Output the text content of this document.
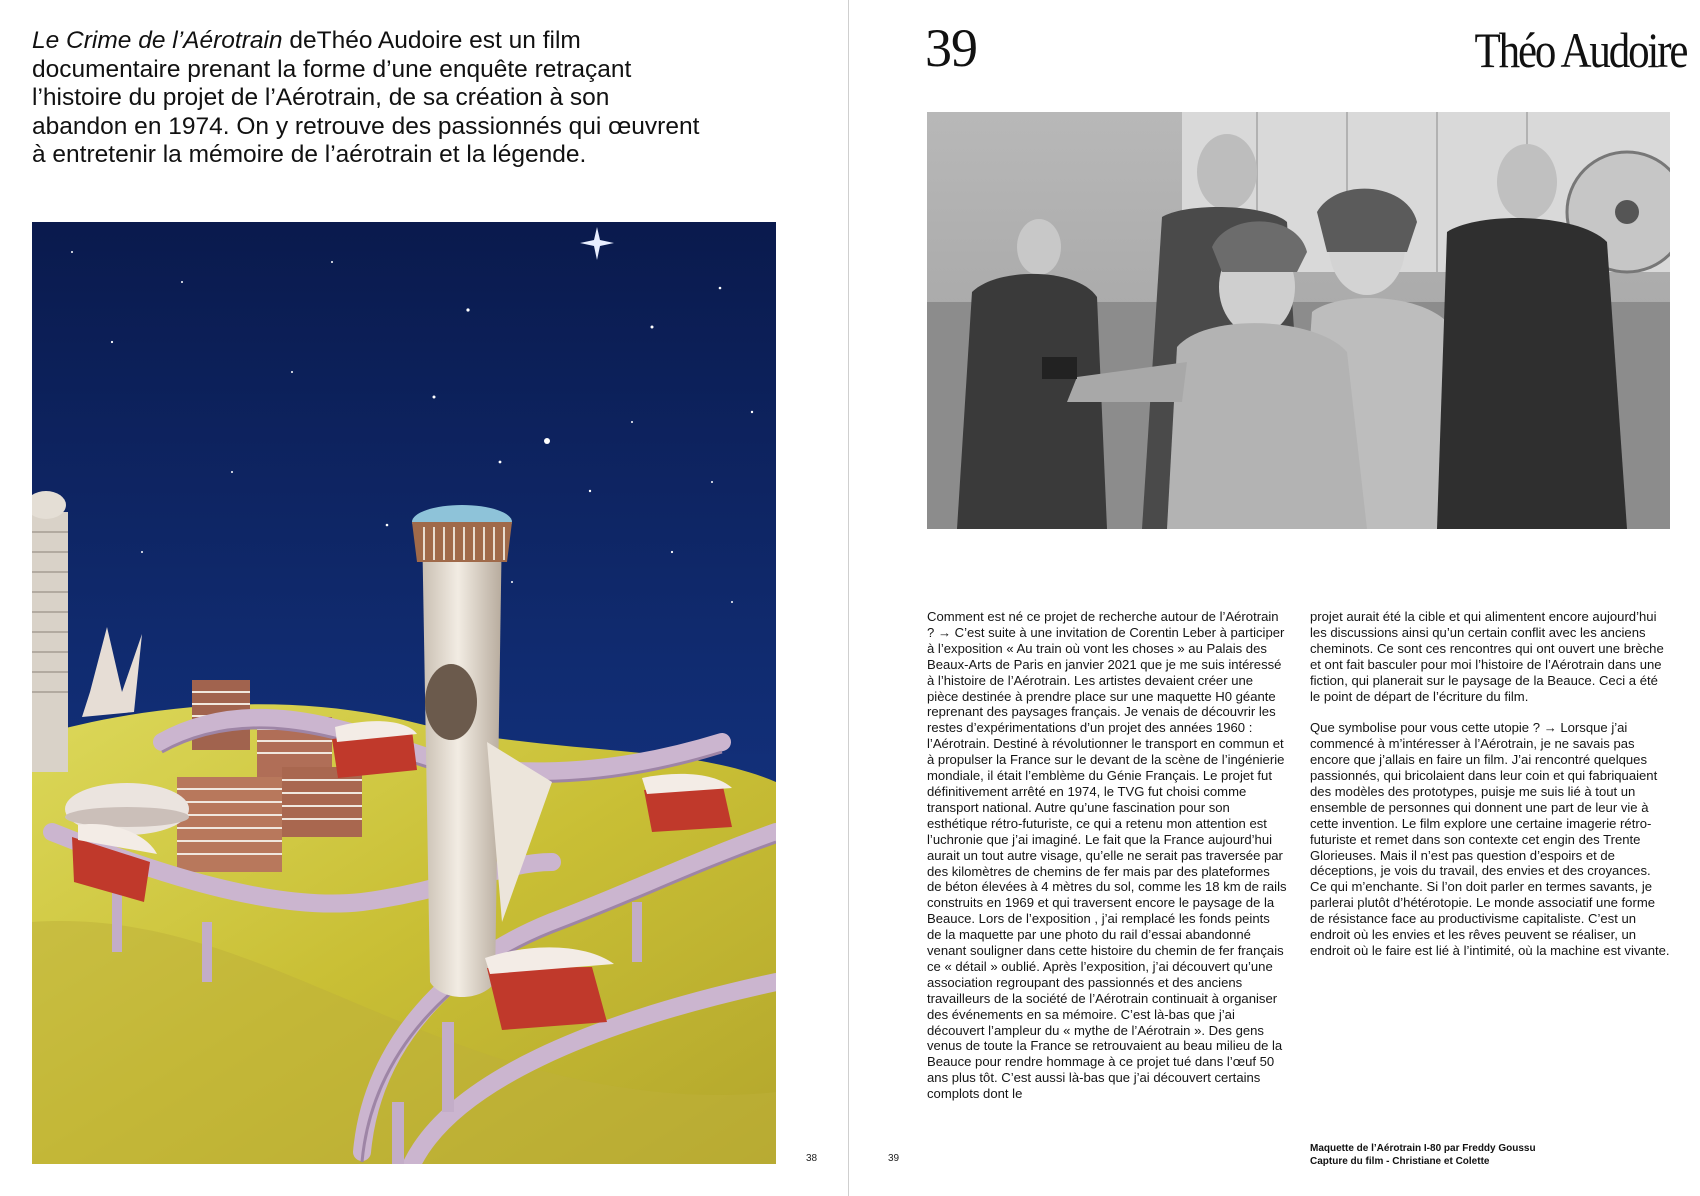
Le Crime de l’Aérotrain deThéo Audoire est un film
documentaire prenant la forme d’une enquête retraçant
l’histoire du projet de l’Aérotrain, de sa création à son
abandon en 1974. On y retrouve des passionnés qui œuvrent
à entretenir la mémoire de l’aérotrain et la légende.

38	39
39	Théo Audoire

Comment est né ce projet de recherche autour de l’Aérotrain ? → C’est suite à une invitation de Corentin Leber à participer à l’exposition « Au train où vont les choses » au Palais des Beaux-Arts de Paris en janvier 2021 que je me suis intéressé à l’histoire de l’Aérotrain. Les artistes devaient créer une pièce destinée à prendre place sur une maquette H0 géante reprenant des paysages français. Je venais de découvrir les restes d’expérimentations d’un projet des années 1960 : l’Aérotrain. Destiné à révolutionner le transport en commun et à propulser la France sur le devant de la scène de l’ingénierie mondiale, il était l’emblème du Génie Français. Le projet fut définitivement arrêté en 1974, le TVG fut choisi comme transport national. Autre qu’une fascination pour son esthétique rétro-futuriste, ce qui a retenu mon attention est l’uchronie que j’ai imaginé. Le fait que la France aujourd’hui aurait un tout autre visage, qu’elle ne serait pas traversée par des kilomètres de chemins de fer mais par des plateformes de béton élevées à 4 mètres du sol, comme les 18 km de rails construits en 1969 et qui traversent encore le paysage de la Beauce. Lors de l’exposition , j’ai remplacé les fonds peints de la maquette par une photo du rail d’essai abandonné venant souligner dans cette histoire du chemin de fer français ce « détail » oublié. Après l’exposition, j’ai découvert qu’une association regroupant des passionnés et des anciens travailleurs de la société de l’Aérotrain continuait à organiser des événements en sa mémoire. C’est là-bas que j’ai découvert l’ampleur du « mythe de l’Aérotrain ». Des gens venus de toute la France se retrouvaient au beau milieu de la Beauce pour rendre hommage à ce projet tué dans l’œuf 50 ans plus tôt. C’est aussi là-bas que j’ai découvert certains complots dont le

projet aurait été la cible et qui alimentent encore aujourd’hui les discussions ainsi qu’un certain conflit avec les anciens cheminots. Ce sont ces rencontres qui ont ouvert une brèche et ont fait basculer pour moi l’histoire de l’Aérotrain dans une fiction, qui planerait sur le paysage de la Beauce. Ceci a été le point de départ de l’écriture du film.

Que symbolise pour vous cette utopie ? → Lorsque j’ai commencé à m’intéresser à l’Aérotrain, je ne savais pas encore que j’allais en faire un film. J’ai rencontré quelques passionnés, qui bricolaient dans leur coin et qui fabriquaient des modèles des prototypes, puisje me suis lié à tout un ensemble de personnes qui donnent une part de leur vie à cette invention. Le film explore une certaine imagerie rétro-futuriste et remet dans son contexte cet engin des Trente Glorieuses. Mais il n’est pas question d’espoirs et de déceptions, je vois du travail, des envies et des croyances. Ce qui m’enchante. Si l’on doit parler en termes savants, je parlerai plutôt d’hétérotopie. Le monde associatif une forme de résistance face au productivisme capitaliste. C’est un endroit où les envies et les rêves peuvent se réaliser, un endroit où le faire est lié à l’intimité, où la machine est vivante.

Maquette de l’Aérotrain I-80 par Freddy Goussu
Capture du film - Christiane et Colette
